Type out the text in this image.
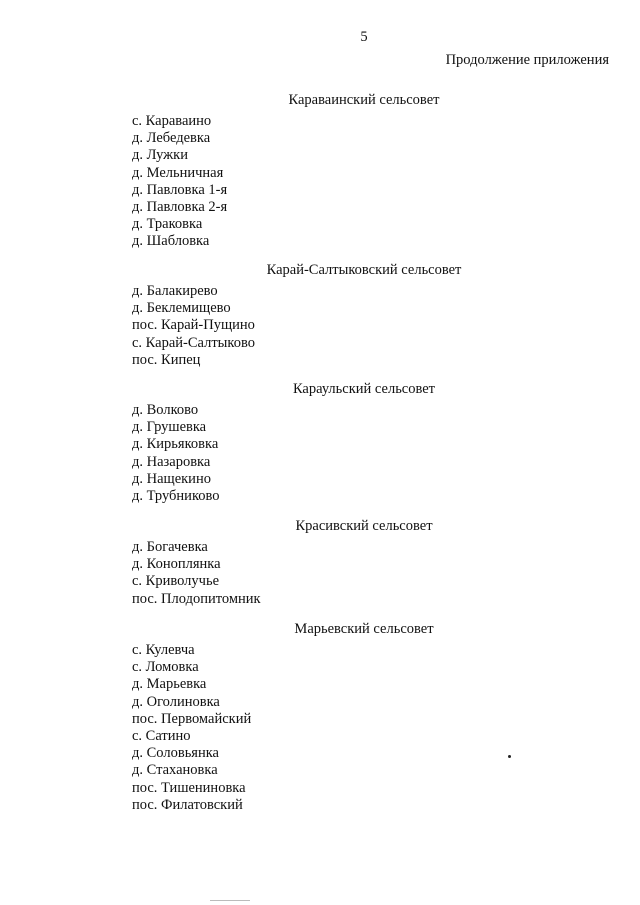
5
Продолжение приложения
Караваинский сельсовет
с. Караваино
д. Лебедевка
д. Лужки
д. Мельничная
д. Павловка 1-я
д. Павловка 2-я
д. Траковка
д. Шабловка
Карай-Салтыковский сельсовет
д. Балакирево
д. Беклемищево
пос. Карай-Пущино
с. Карай-Салтыково
пос. Кипец
Караульский сельсовет
д. Волково
д. Грушевка
д. Кирьяковка
д. Назаровка
д. Нащекино
д. Трубниково
Красивский сельсовет
д. Богачевка
д. Коноплянка
с. Криволучье
пос. Плодопитомник
Марьевский сельсовет
с. Кулевча
с. Ломовка
д. Марьевка
д. Оголиновка
пос. Первомайский
с. Сатино
д. Соловьянка
д. Стахановка
пос. Тишениновка
пос. Филатовский
